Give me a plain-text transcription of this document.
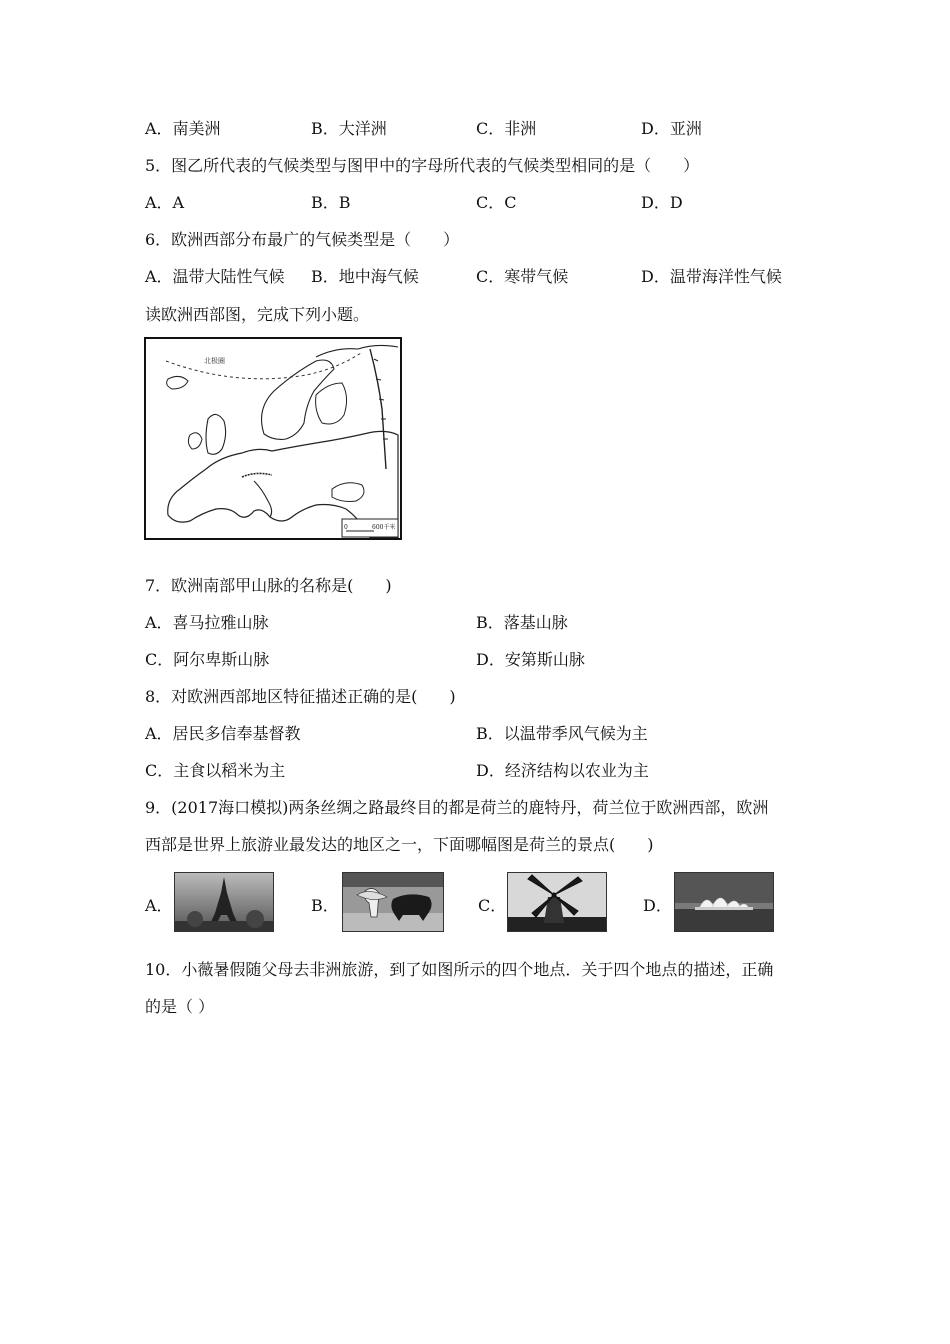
A．南美洲	B．大洋洲	C．非洲	D．亚洲
5．图乙所代表的气候类型与图甲中的字母所代表的气候类型相同的是（　　）
A．A	B．B	C．C	D．D
6．欧洲西部分布最广的气候类型是（　　）
A．温带大陆性气候 B．地中海气候	C．寒带气候	D．温带海洋性气候
读欧洲西部图，完成下列小题。
北极圈
0	600千米
7．欧洲南部甲山脉的名称是(　　)
A．喜马拉雅山脉	B．落基山脉
C．阿尔卑斯山脉	D．安第斯山脉
8．对欧洲西部地区特征描述正确的是(　　)
A．居民多信奉基督教	B．以温带季风气候为主
C．主食以稻米为主	D．经济结构以农业为主
9．(2017海口模拟)两条丝绸之路最终目的都是荷兰的鹿特丹，荷兰位于欧洲西部，欧洲
西部是世界上旅游业最发达的地区之一，下面哪幅图是荷兰的景点(　　)
A．	B．	C．	D．
10．小薇暑假随父母去非洲旅游，到了如图所示的四个地点．关于四个地点的描述，正确
的是（ ）
